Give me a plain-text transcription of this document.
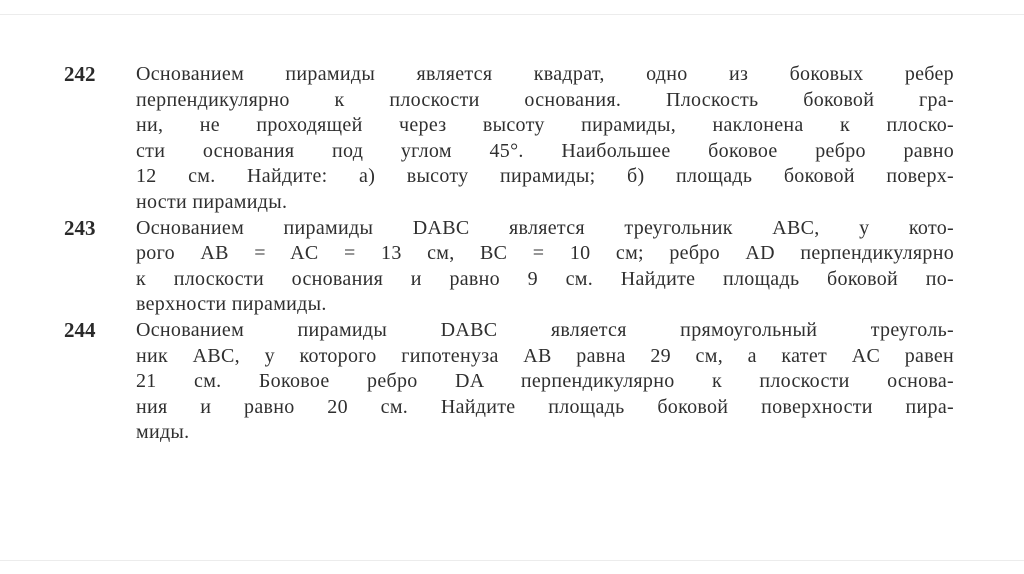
242 Основанием пирамиды является квадрат, одно из боковых ребер
перпендикулярно к плоскости основания. Плоскость боковой гра-
ни, не проходящей через высоту пирамиды, наклонена к плоско-
сти основания под углом 45°. Наибольшее боковое ребро равно
12 см. Найдите: а) высоту пирамиды; б) площадь боковой поверх-
ности пирамиды.
243 Основанием пирамиды DABC является треугольник ABC, у кото-
рого AB = AC = 13 см, BC = 10 см; ребро AD перпендикулярно
к плоскости основания и равно 9 см. Найдите площадь боковой по-
верхности пирамиды.
244 Основанием пирамиды DABC является прямоугольный треуголь-
ник ABC, у которого гипотенуза AB равна 29 см, а катет AC равен
21 см. Боковое ребро DA перпендикулярно к плоскости основа-
ния и равно 20 см. Найдите площадь боковой поверхности пира-
миды.
